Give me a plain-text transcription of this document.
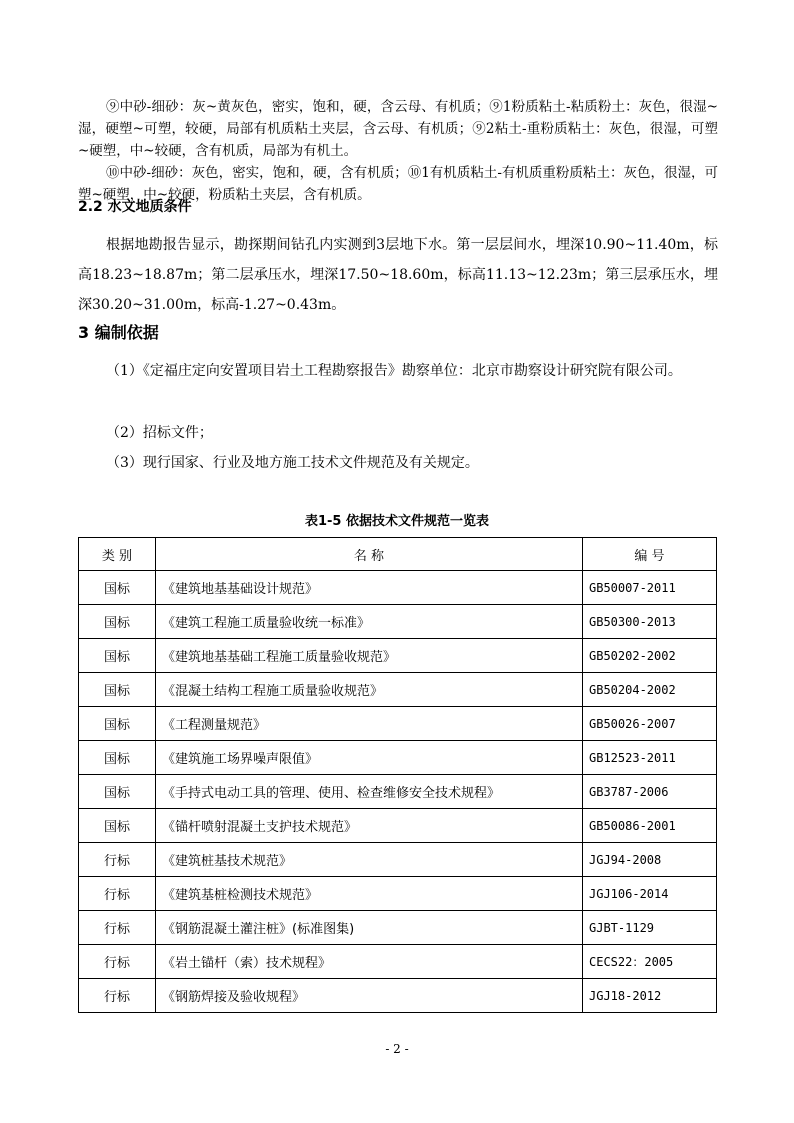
⑨中砂-细砂：灰~黄灰色，密实，饱和，硬，含云母、有机质；⑨1粉质粘土-粘质粉土：灰色，很湿~湿，硬塑~可塑，较硬，局部有机质粘土夹层，含云母、有机质；⑨2粘土-重粉质粘土：灰色，很湿，可塑~硬塑，中~较硬，含有机质，局部为有机土。

⑩中砂-细砂：灰色，密实，饱和，硬，含有机质；⑩1有机质粘土-有机质重粉质粘土：灰色，很湿，可塑~硬塑，中~较硬，粉质粘土夹层，含有机质。

2.2 水文地质条件

根据地勘报告显示，勘探期间钻孔内实测到3层地下水。第一层层间水，埋深10.90~11.40m，标高18.23~18.87m；第二层承压水，埋深17.50~18.60m，标高11.13~12.23m；第三层承压水，埋深30.20~31.00m，标高-1.27~0.43m。

3 编制依据

（1）《定福庄定向安置项目岩土工程勘察报告》勘察单位：北京市勘察设计研究院有限公司。

（2）招标文件；

（3）现行国家、行业及地方施工技术文件规范及有关规定。

表1-5 依据技术文件规范一览表
类 别	名 称	编 号
国标	《建筑地基基础设计规范》	GB50007-2011
国标	《建筑工程施工质量验收统一标准》	GB50300-2013
国标	《建筑地基基础工程施工质量验收规范》	GB50202-2002
国标	《混凝土结构工程施工质量验收规范》	GB50204-2002
国标	《工程测量规范》	GB50026-2007
国标	《建筑施工场界噪声限值》	GB12523-2011
国标	《手持式电动工具的管理、使用、检查维修安全技术规程》	GB3787-2006
国标	《锚杆喷射混凝土支护技术规范》	GB50086-2001
行标	《建筑桩基技术规范》	JGJ94-2008
行标	《建筑基桩检测技术规范》	JGJ106-2014
行标	《钢筋混凝土灌注桩》(标准图集)	GJBT-1129
行标	《岩土锚杆（索）技术规程》	CECS22：2005
行标	《钢筋焊接及验收规程》	JGJ18-2012
- 2 -
